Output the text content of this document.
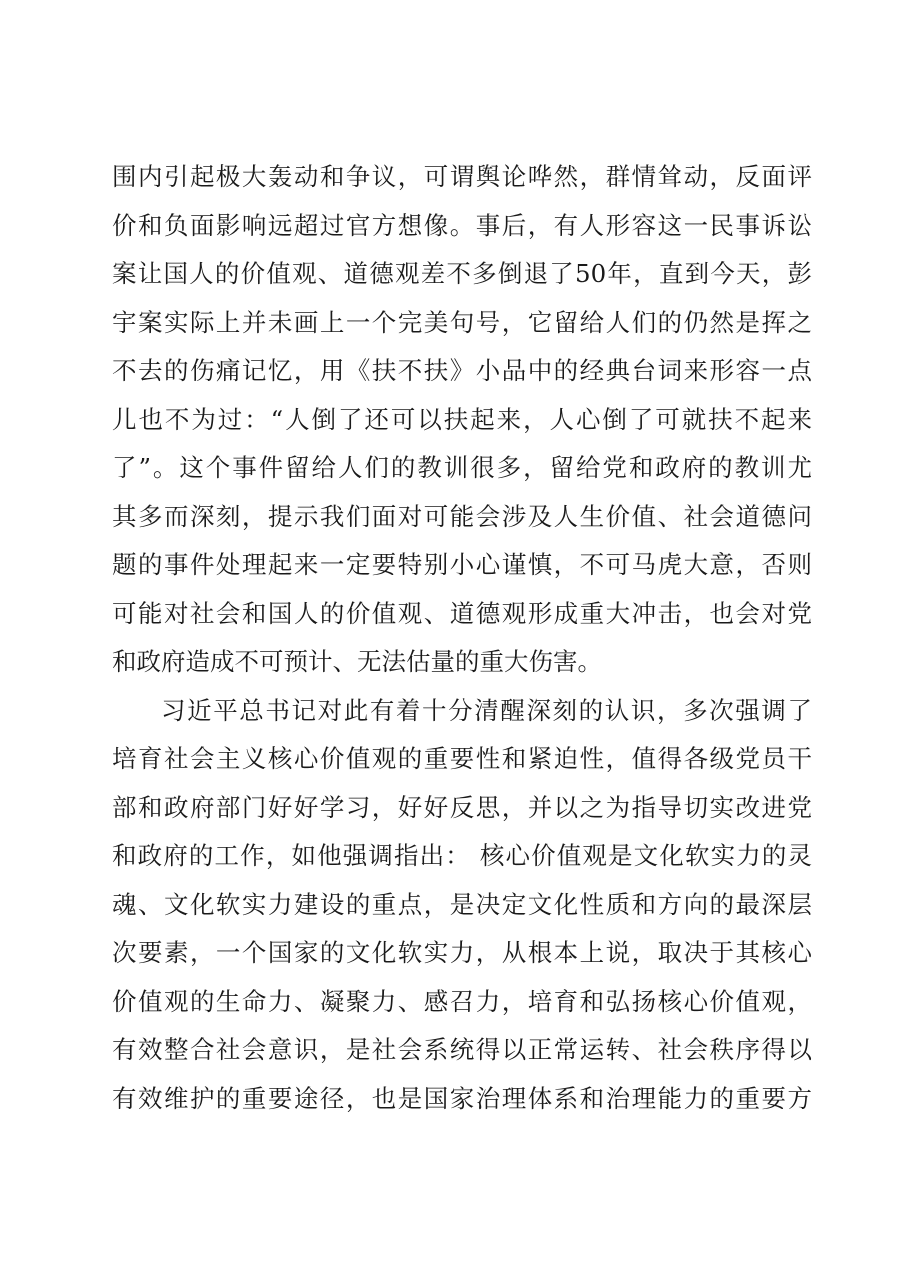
围内引起极大轰动和争议，可谓舆论哗然，群情耸动，反面评
价和负面影响远超过官方想像。事后，有人形容这一民事诉讼
案让国人的价值观、道德观差不多倒退了50年，直到今天，彭
宇案实际上并未画上一个完美句号，它留给人们的仍然是挥之
不去的伤痛记忆，用《扶不扶》小品中的经典台词来形容一点
儿也不为过：“人倒了还可以扶起来，人心倒了可就扶不起来
了”。这个事件留给人们的教训很多，留给党和政府的教训尤
其多而深刻，提示我们面对可能会涉及人生价值、社会道德问
题的事件处理起来一定要特别小心谨慎，不可马虎大意，否则
可能对社会和国人的价值观、道德观形成重大冲击，也会对党
和政府造成不可预计、无法估量的重大伤害。
习近平总书记对此有着十分清醒深刻的认识，多次强调了
培育社会主义核心价值观的重要性和紧迫性，值得各级党员干
部和政府部门好好学习，好好反思，并以之为指导切实改进党
和政府的工作，如他强调指出： 核心价值观是文化软实力的灵
魂、文化软实力建设的重点，是决定文化性质和方向的最深层
次要素，一个国家的文化软实力，从根本上说，取决于其核心
价值观的生命力、凝聚力、感召力，培育和弘扬核心价值观，
有效整合社会意识，是社会系统得以正常运转、社会秩序得以
有效维护的重要途径，也是国家治理体系和治理能力的重要方
